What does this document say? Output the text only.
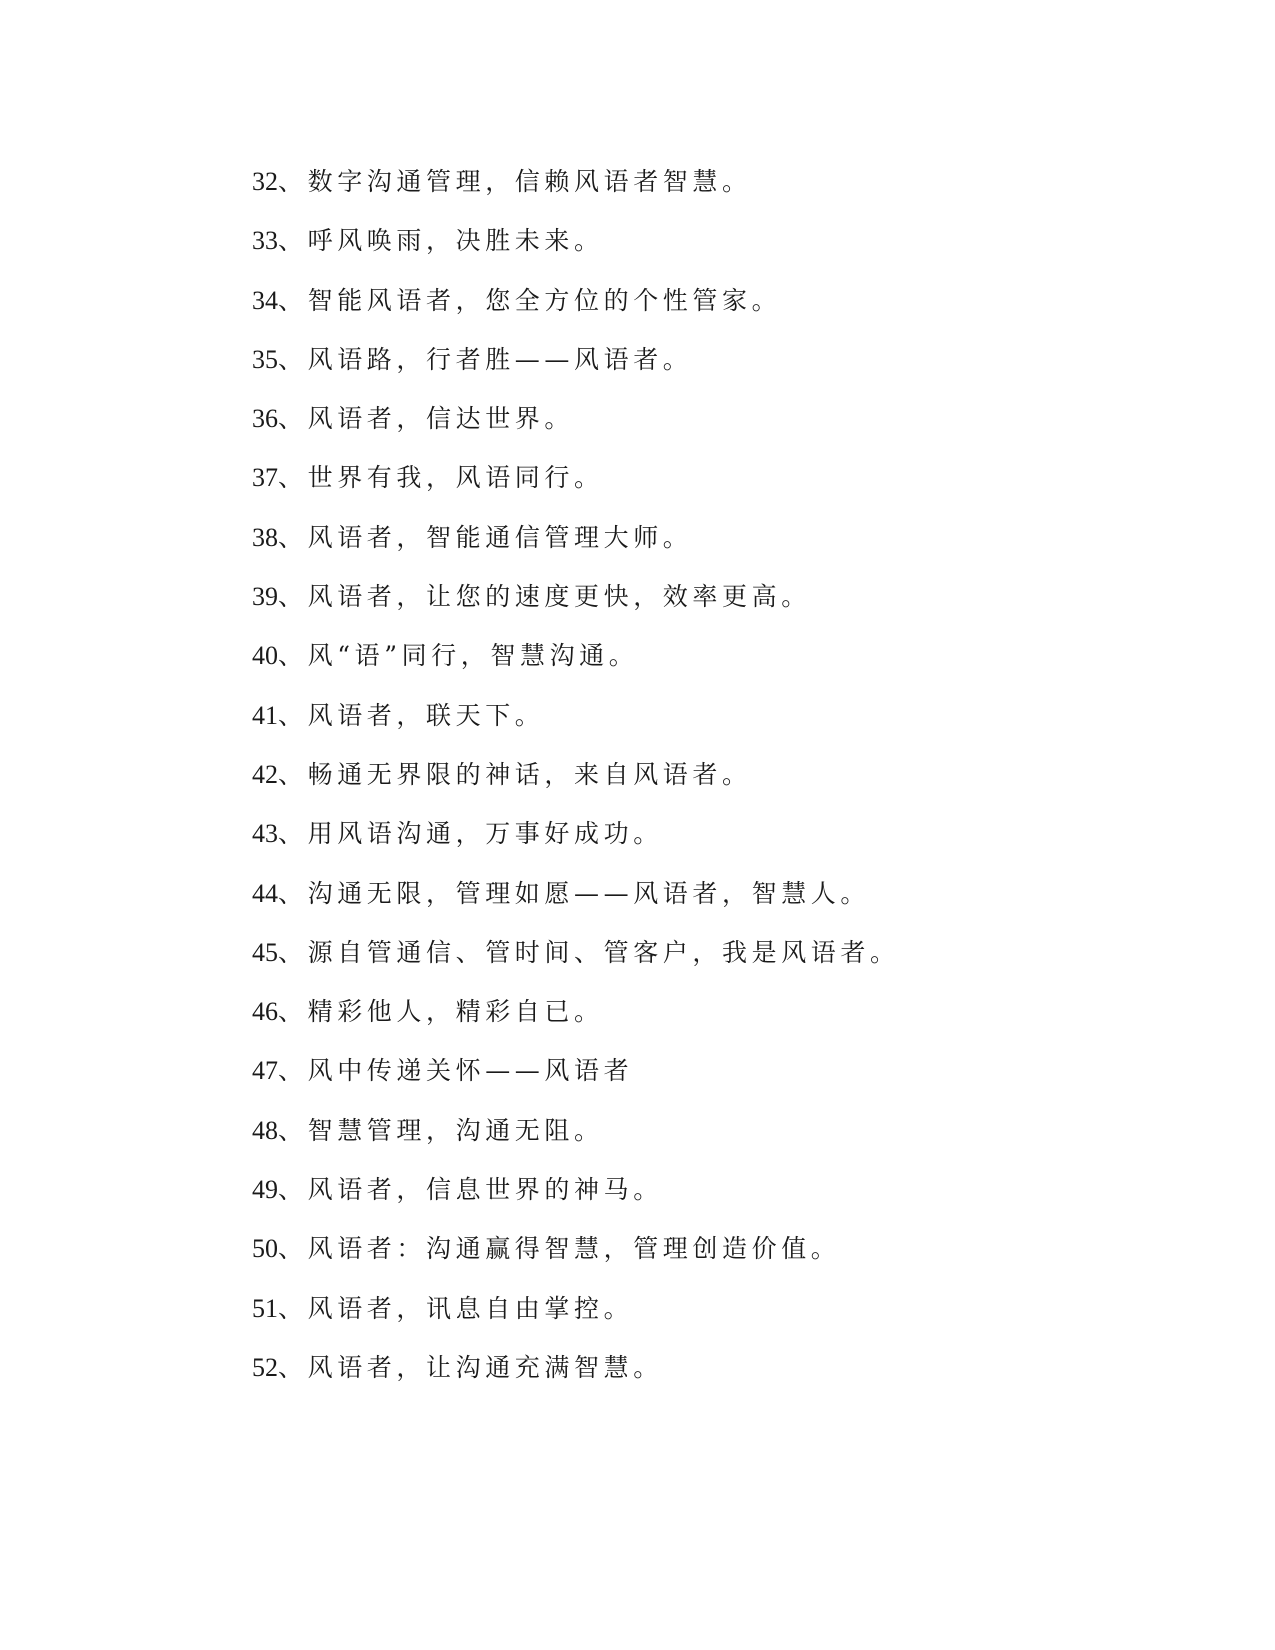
32、数字沟通管理，信赖风语者智慧。
33、呼风唤雨，决胜未来。
34、智能风语者，您全方位的个性管家。
35、风语路，行者胜——风语者。
36、风语者，信达世界。
37、世界有我，风语同行。
38、风语者，智能通信管理大师。
39、风语者，让您的速度更快，效率更高。
40、风“语”同行，智慧沟通。
41、风语者，联天下。
42、畅通无界限的神话，来自风语者。
43、用风语沟通，万事好成功。
44、沟通无限，管理如愿——风语者，智慧人。
45、源自管通信、管时间、管客户，我是风语者。
46、精彩他人，精彩自已。
47、风中传递关怀——风语者
48、智慧管理，沟通无阻。
49、风语者，信息世界的神马。
50、风语者：沟通赢得智慧，管理创造价值。
51、风语者，讯息自由掌控。
52、风语者，让沟通充满智慧。
